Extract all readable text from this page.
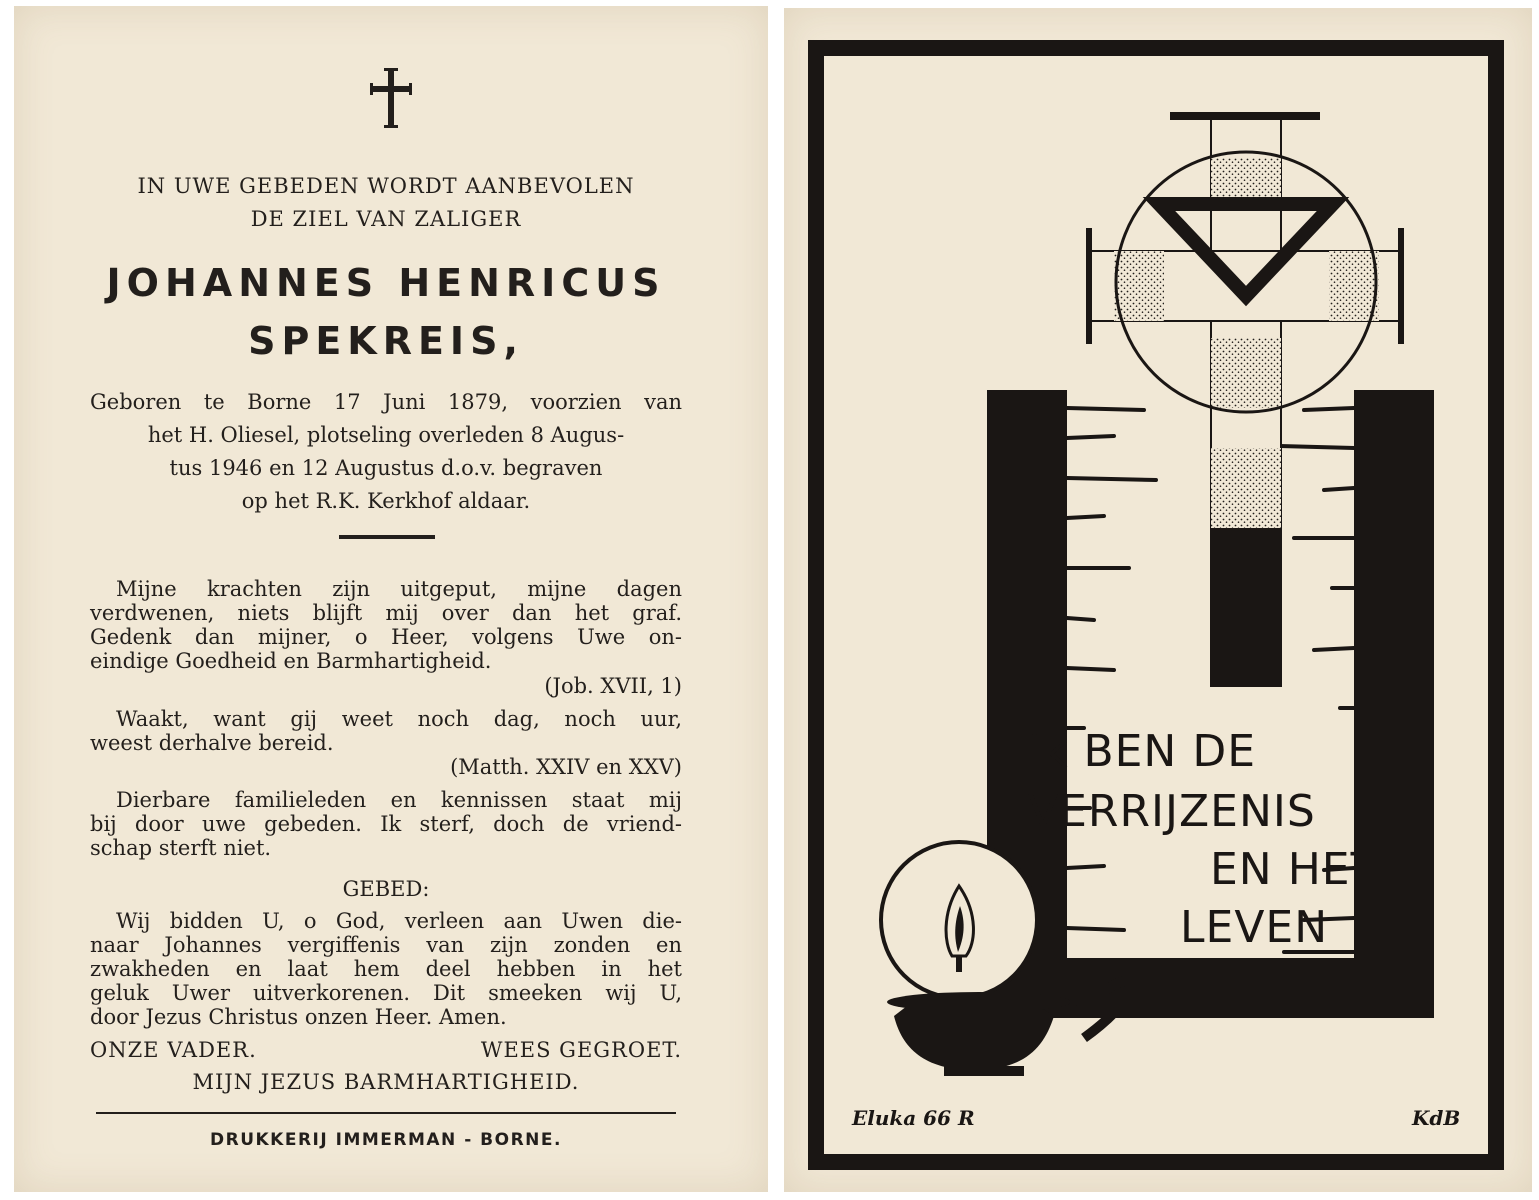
IN UWE GEBEDEN WORDT AANBEVOLEN
DE ZIEL VAN ZALIGER
JOHANNES HENRICUS
SPEKREIS,
Geboren te Borne 17 Juni 1879, voorzien van
het H. Oliesel, plotseling overleden 8 Augus-
tus 1946 en 12 Augustus d.o.v. begraven
op het R.K. Kerkhof aldaar.
Mijne krachten zijn uitgeput, mijne dagen
verdwenen, niets blijft mij over dan het graf.
Gedenk dan mijner, o Heer, volgens Uwe on-
eindige Goedheid en Barmhartigheid.
(Job. XVII, 1)
Waakt, want gij weet noch dag, noch uur,
weest derhalve bereid.
(Matth. XXIV en XXV)
Dierbare familieleden en kennissen staat mij
bij door uwe gebeden. Ik sterf, doch de vriend-
schap sterft niet.
GEBED:
Wij bidden U, o God, verleen aan Uwen die-
naar Johannes vergiffenis van zijn zonden en
zwakheden en laat hem deel hebben in het
geluk Uwer uitverkorenen. Dit smeeken wij U,
door Jezus Christus onzen Heer. Amen.
ONZE VADER.	WEES GEGROET.
MIJN JEZUS BARMHARTIGHEID.
DRUKKERIJ IMMERMAN - BORNE.
Ik BEN DE
VERRIJZENIS
EN HET
LEVEN
Eluka 66 R	KdB
